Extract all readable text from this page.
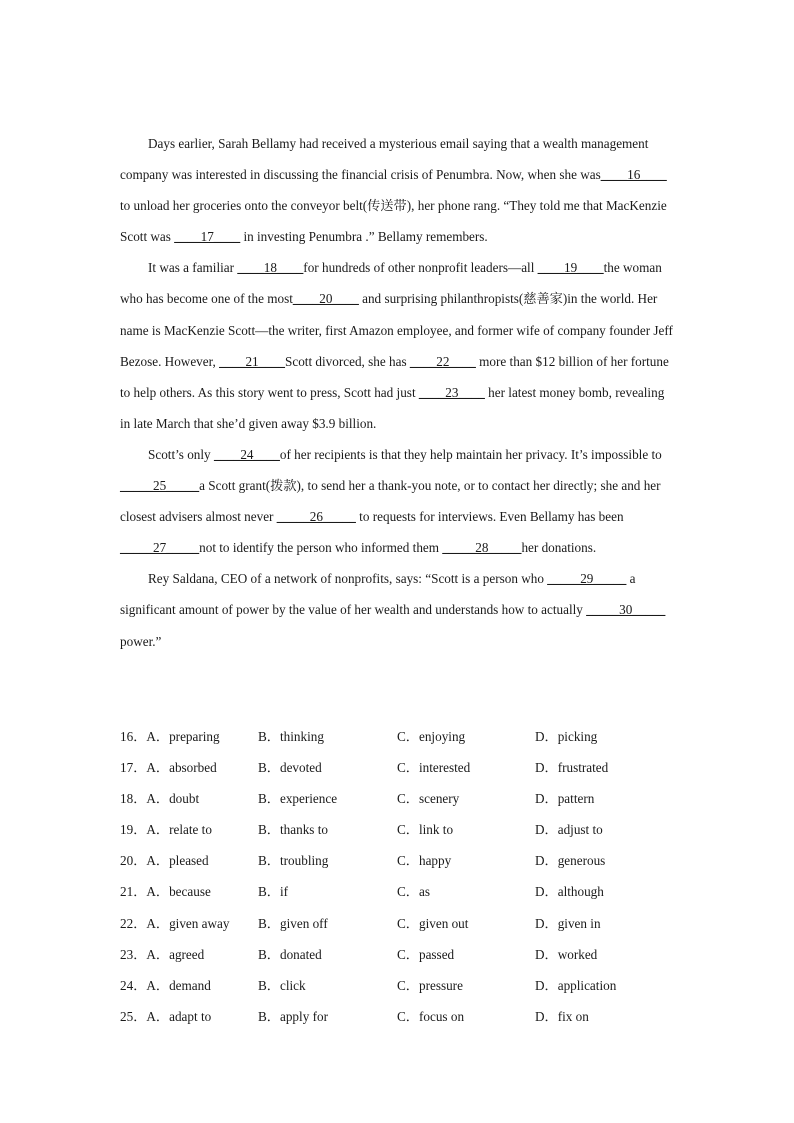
Days earlier, Sarah Bellamy had received a mysterious email saying that a wealth management company was interested in discussing the financial crisis of Penumbra. Now, when she was____16____ to unload her groceries onto the conveyor belt(传送带), her phone rang. “They told me that MacKenzie Scott was ____17____ in investing Penumbra .” Bellamy remembers.

It was a familiar ____18____for hundreds of other nonprofit leaders—all ____19____the woman who has become one of the most____20____ and surprising philanthropists(慈善家)in the world. Her name is MacKenzie Scott—the writer, first Amazon employee, and former wife of company founder Jeff Bezose. However, ____21____Scott divorced, she has ____22____ more than $12 billion of her fortune to help others. As this story went to press, Scott had just ____23____ her latest money bomb, revealing in late March that she’d given away $3.9 billion.

Scott’s only ____24____of her recipients is that they help maintain her privacy. It’s impossible to _____25_____a Scott grant(拨款), to send her a thank-you note, or to contact her directly; she and her closest advisers almost never _____26_____ to requests for interviews. Even Bellamy has been _____27_____not to identify the person who informed them _____28_____her donations.

Rey Saldana, CEO of a network of nonprofits, says: “Scott is a person who _____29_____ a significant amount of power by the value of her wealth and understands how to actually _____30_____ power.”

16．A．preparing	B．thinking	C．enjoying	D．picking
17．A．absorbed	B．devoted	C．interested	D．frustrated
18．A．doubt	B．experience	C．scenery	D．pattern
19．A．relate to	B．thanks to	C．link to	D．adjust to
20．A．pleased	B．troubling	C．happy	D．generous
21．A．because	B．if	C．as	D．although
22．A．given away B．given off	C．given out	D．given in
23．A．agreed	B．donated	C．passed	D．worked
24．A．demand	B．click	C．pressure	D．application
25．A．adapt to	B．apply for	C．focus on	D．fix on
